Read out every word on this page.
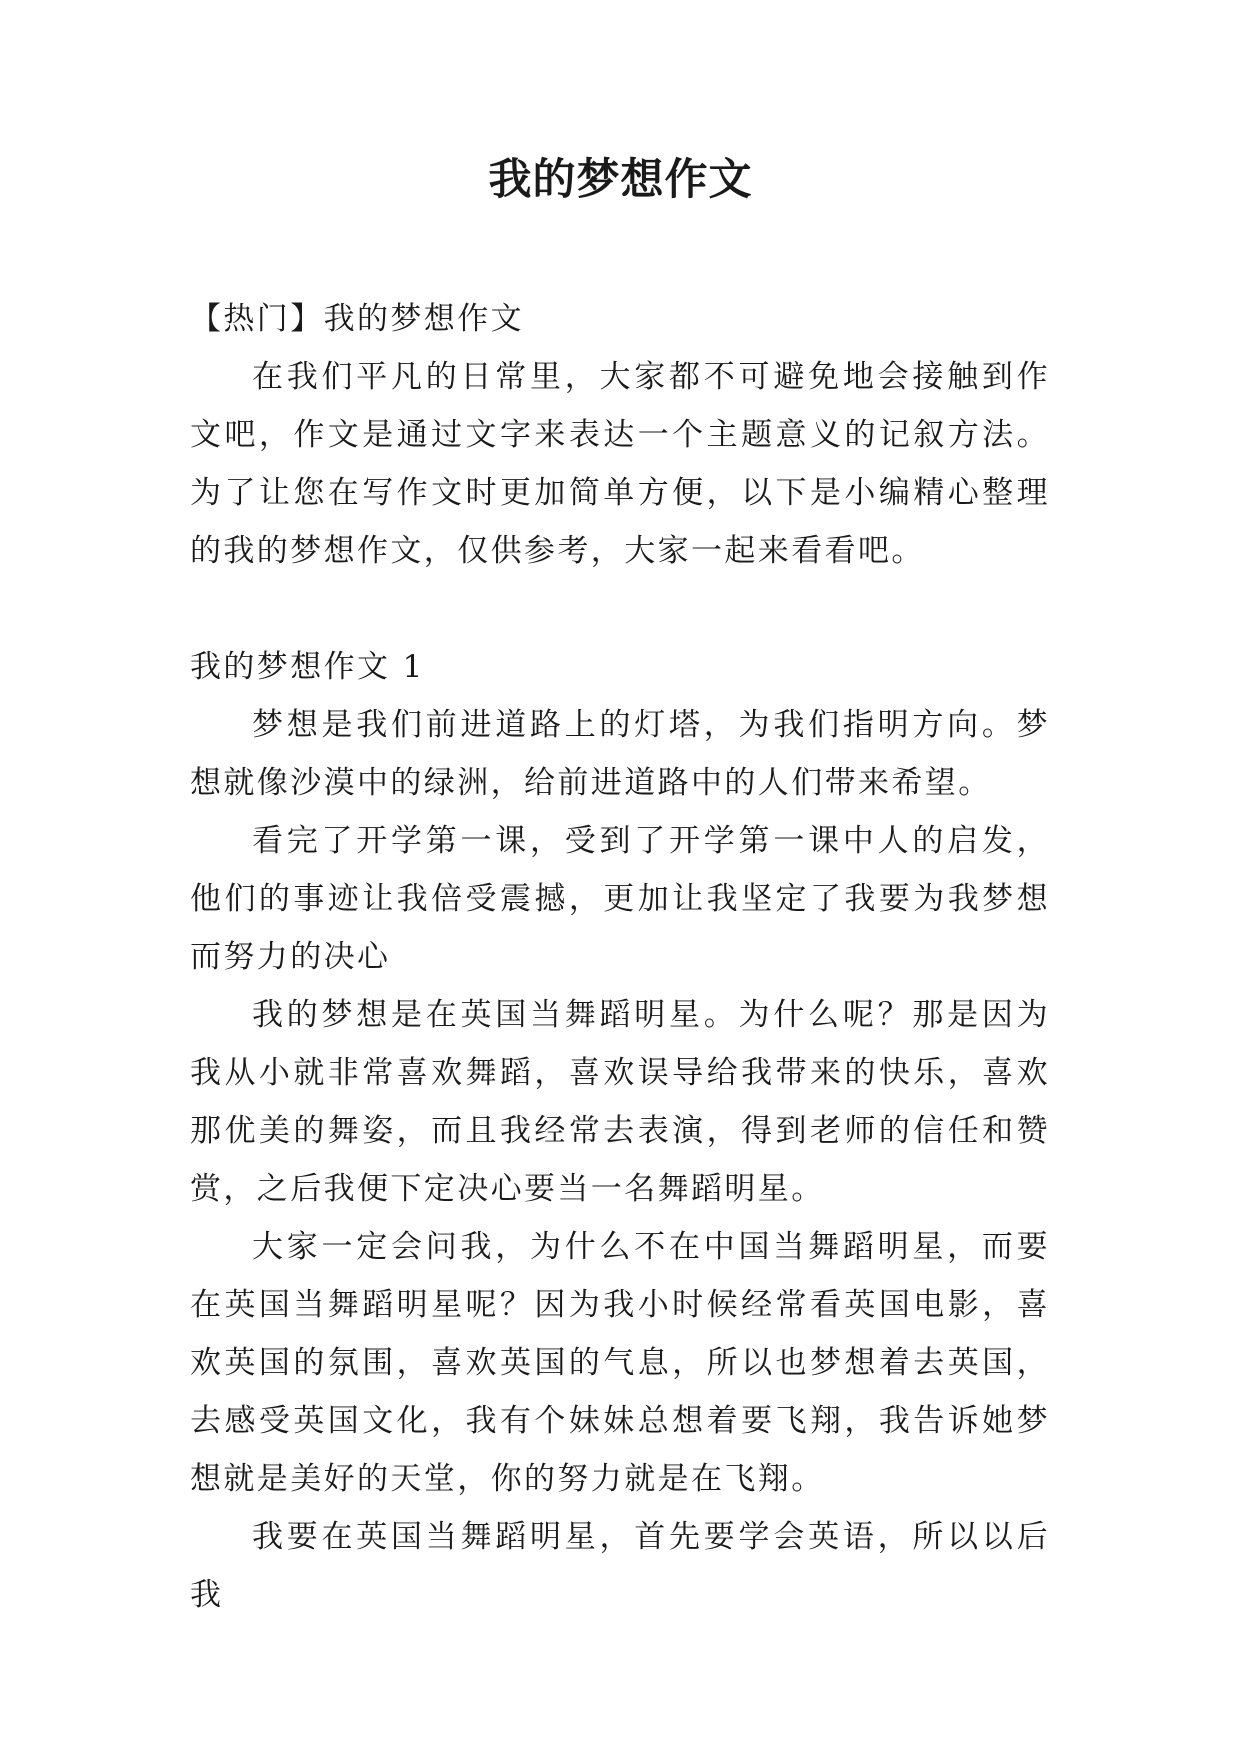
我的梦想作文

【热门】我的梦想作文

在我们平凡的日常里，大家都不可避免地会接触到作文吧，作文是通过文字来表达一个主题意义的记叙方法。为了让您在写作文时更加简单方便，以下是小编精心整理的我的梦想作文，仅供参考，大家一起来看看吧。

我的梦想作文 1

梦想是我们前进道路上的灯塔，为我们指明方向。梦想就像沙漠中的绿洲，给前进道路中的人们带来希望。

看完了开学第一课，受到了开学第一课中人的启发，他们的事迹让我倍受震撼，更加让我坚定了我要为我梦想而努力的决心

我的梦想是在英国当舞蹈明星。为什么呢？那是因为我从小就非常喜欢舞蹈，喜欢误导给我带来的快乐，喜欢那优美的舞姿，而且我经常去表演，得到老师的信任和赞赏，之后我便下定决心要当一名舞蹈明星。

大家一定会问我，为什么不在中国当舞蹈明星，而要在英国当舞蹈明星呢？因为我小时候经常看英国电影，喜欢英国的氛围，喜欢英国的气息，所以也梦想着去英国，去感受英国文化，我有个妹妹总想着要飞翔，我告诉她梦想就是美好的天堂，你的努力就是在飞翔。

我要在英国当舞蹈明星，首先要学会英语，所以以后我
